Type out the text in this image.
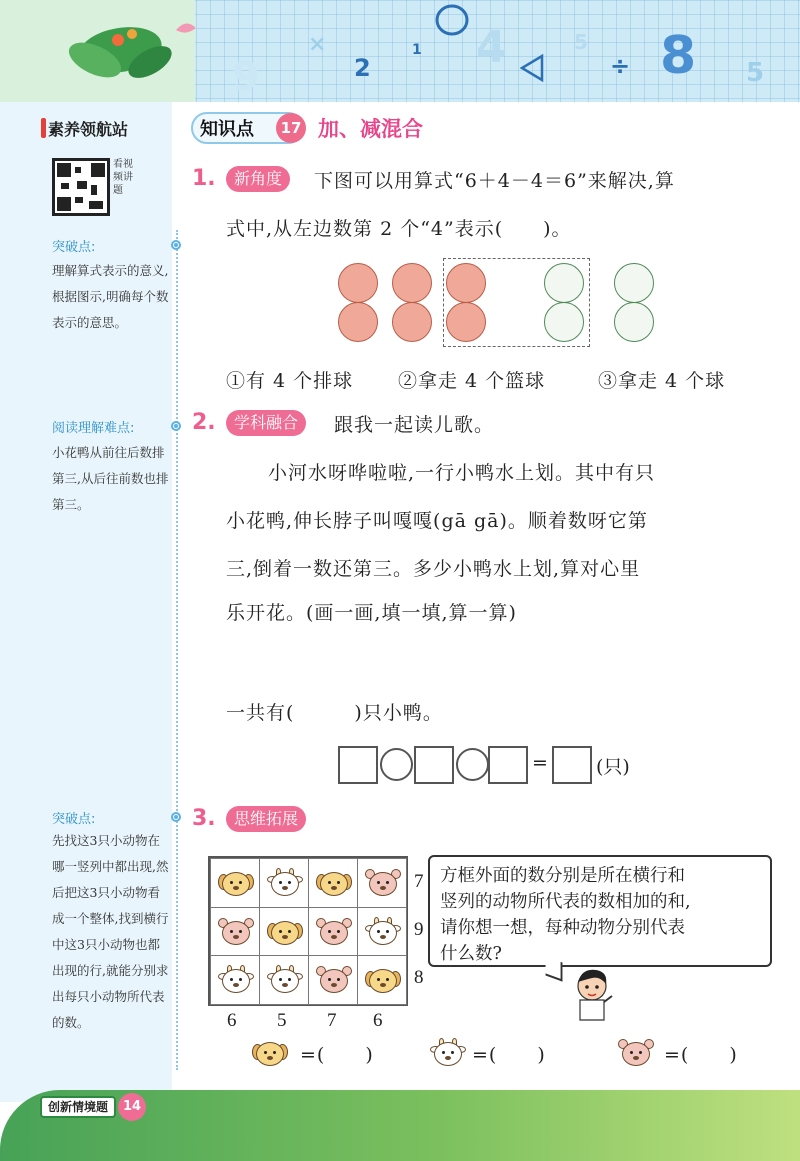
9
×
2
1 4	5
÷ 8 5
素养领航站
看视频讲题
突破点:
理解算式表示的意义,根据图示,明确每个数表示的意思。
阅读理解难点:
小花鸭从前往后数排第三,从后往前数也排第三。
突破点:
先找这3只小动物在哪一竖列中都出现,然后把这3只小动物看成一个整体,找到横行中这3只小动物也都出现的行,就能分别求出每只小动物所代表的数。
知识点	17 加、减混合
1.	新角度	下图可以用算式“6＋4－4＝6”来解决,算
式中,从左边数第 2 个“4”表示(　　)。
①有 4 个排球 ②拿走 4 个篮球	③拿走 4 个球
2.	学科融合	跟我一起读儿歌。
小河水呀哗啦啦,一行小鸭水上划。其中有只
小花鸭,伸长脖子叫嘎嘎(gā gā)。顺着数呀它第
三,倒着一数还第三。多少小鸭水上划,算对心里
乐开花。(画一画,填一填,算一算)
一共有(　　　)只小鸭。
=	(只)
3.	思维拓展
7
9
8
6 5 7 6
方框外面的数分别是所在横行和
竖列的动物所代表的数相加的和,
请你想一想，每种动物分别代表
什么数?
=(　　)	=(　　)	=(　　)
创新情境题	14
